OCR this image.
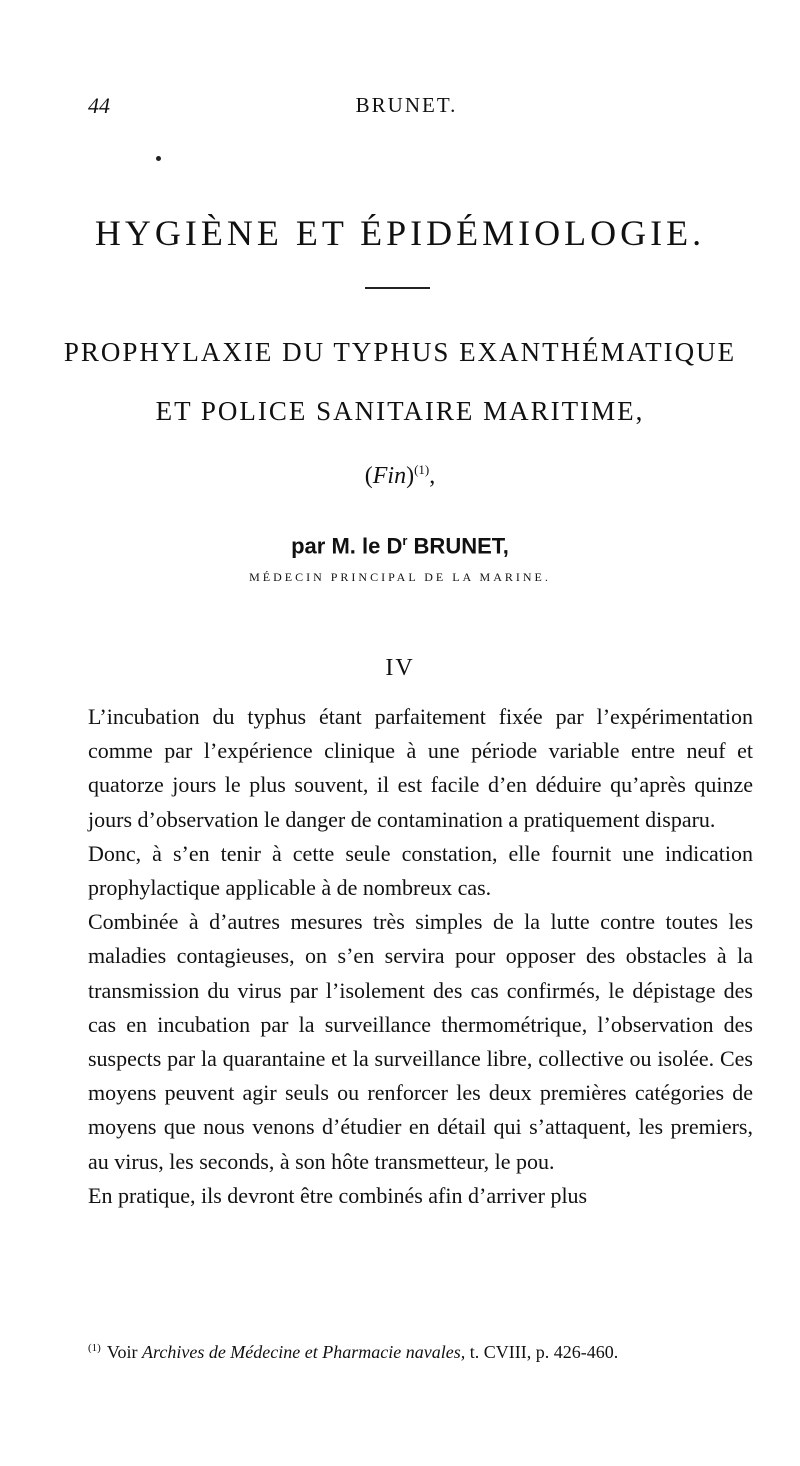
44	BRUNET.
HYGIÈNE ET ÉPIDÉMIOLOGIE.
PROPHYLAXIE DU TYPHUS EXANTHÉMATIQUE
ET POLICE SANITAIRE MARITIME,
(Fin)$^{(1)}$,
par M. le $D^r$ BRUNET,
MÉDECIN PRINCIPAL DE LA MARINE.
IV

L’incubation du typhus étant parfaitement fixée par l’expérimentation comme par l’expérience clinique à une période variable entre neuf et quatorze jours le plus souvent, il est facile d’en déduire qu’après quinze jours d’observation le danger de contamination a pratiquement disparu.

Donc, à s’en tenir à cette seule constation, elle fournit une indication prophylactique applicable à de nombreux cas.

Combinée à d’autres mesures très simples de la lutte contre toutes les maladies contagieuses, on s’en servira pour opposer des obstacles à la transmission du virus par l’isolement des cas confirmés, le dépistage des cas en incubation par la surveillance thermométrique, l’observation des suspects par la quarantaine et la surveillance libre, collective ou isolée. Ces moyens peuvent agir seuls ou renforcer les deux premières catégories de moyens que nous venons d’étudier en détail qui s’attaquent, les premiers, au virus, les seconds, à son hôte transmetteur, le pou.

En pratique, ils devront être combinés afin d’arriver plus

$^{(1)}$ Voir Archives de Médecine et Pharmacie navales, t. CVIII, p. 426-460.
